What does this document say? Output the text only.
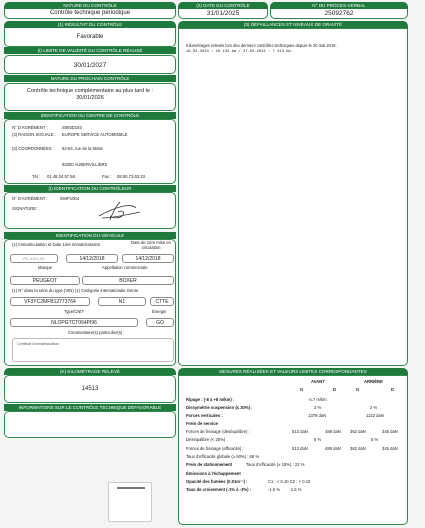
NATURE DU CONTRÔLE
Contrôle technique périodique
(2) DATE DU CONTRÔLE
31/01/2025
N° DU PROCES-VERBAL
25092762
(1) RÉSULTAT DU CONTRÔLE
Favorable
(I) LIMITE DE VALIDITÉ DU CONTRÔLE RÉALISÉ
30/01/2027
NATURE DU PROCHAIN CONTRÔLE
Contrôle technique complémentaire au plus tard le : 30/01/2026
IDENTIFICATION DU CENTRE DE CONTRÔLE
N° D'AGRÉMENT :	S093D183
(3) RAISON SOCIALE : EUROPE SERVICE AUTOMOBILE
(3) COORDONNÉES : 62-64, rue de la Motte
93300 AUBERVILLIERS
Tél : 01.48.34.57.56	Fax : 08.50.73.63.33
(I) IDENTIFICATION DU CONTRÔLEUR
N° D'AGRÉMENT :	094P1004
SIGNATURE :
IDENTIFICATION DU VÉHICULE
(1) Immatriculation et Date 1ère immatriculation	Date de 1ère mise en circulation
FC-XXX-XX	14/12/2018	14/12/2018
Marque	Appellation commerciale
PEUGEOT	BOXER
(1) N° dans la série du type (VIN) (1) Catégorie internationale Genre
VF3YC2MFB12773764	N1	CTTE
Type/CNIT	Énergie
NLOPGTCT064PI96	GO
Commentaire(s) particulier(s) :
Certificat d'immatriculation
(K) KILOMÉTRAGE RELEVÉ
14513
INFORMATIONS SUR LE CONTRÔLE TECHNIQUE DÉFAVORABLE
(3) DÉFAILLANCES ET NIVEAUX DE GRAVITÉ
Kilométrages relevés lors des derniers contrôles techniques depuis le 20 mai 2018 :
16.02.2024 : 10 133 km / 27.02.2021 : 7 213 km
MESURES RÉALISÉES ET VALEURS LIMITES CORRESPONDANTES
AVANT	ARRIÈRE
G	D	G	D
Ripage : (-8 à +8 m/km) :	-4.7 m/km
Dissymétrie suspension (≤ 30%) :	3 %	2 %
Forces verticales :	1379 daN	1122 daN
Frein de service
Forces de freinage (déséquilibre) :	513 daN	489 daN 362 daN	345 daN
Déséquilibre (< 20%) :	5 %	5 %
Forces de freinage (efficacité) :	513 daN	489 daN 362 daN	345 daN
Taux d'efficacité globale (≥ 50%) : 68 %
Frein de stationnement	Taux d'efficacité (≥ 18%) : 22 %
Émissions à l'échappement
Opacité des fumées (0.51m⁻¹) :	C1 : < 0.10 C2 : < 0.10
Taux de croisement (-1% à -3%) :	-1.5 %        -1.5 %
